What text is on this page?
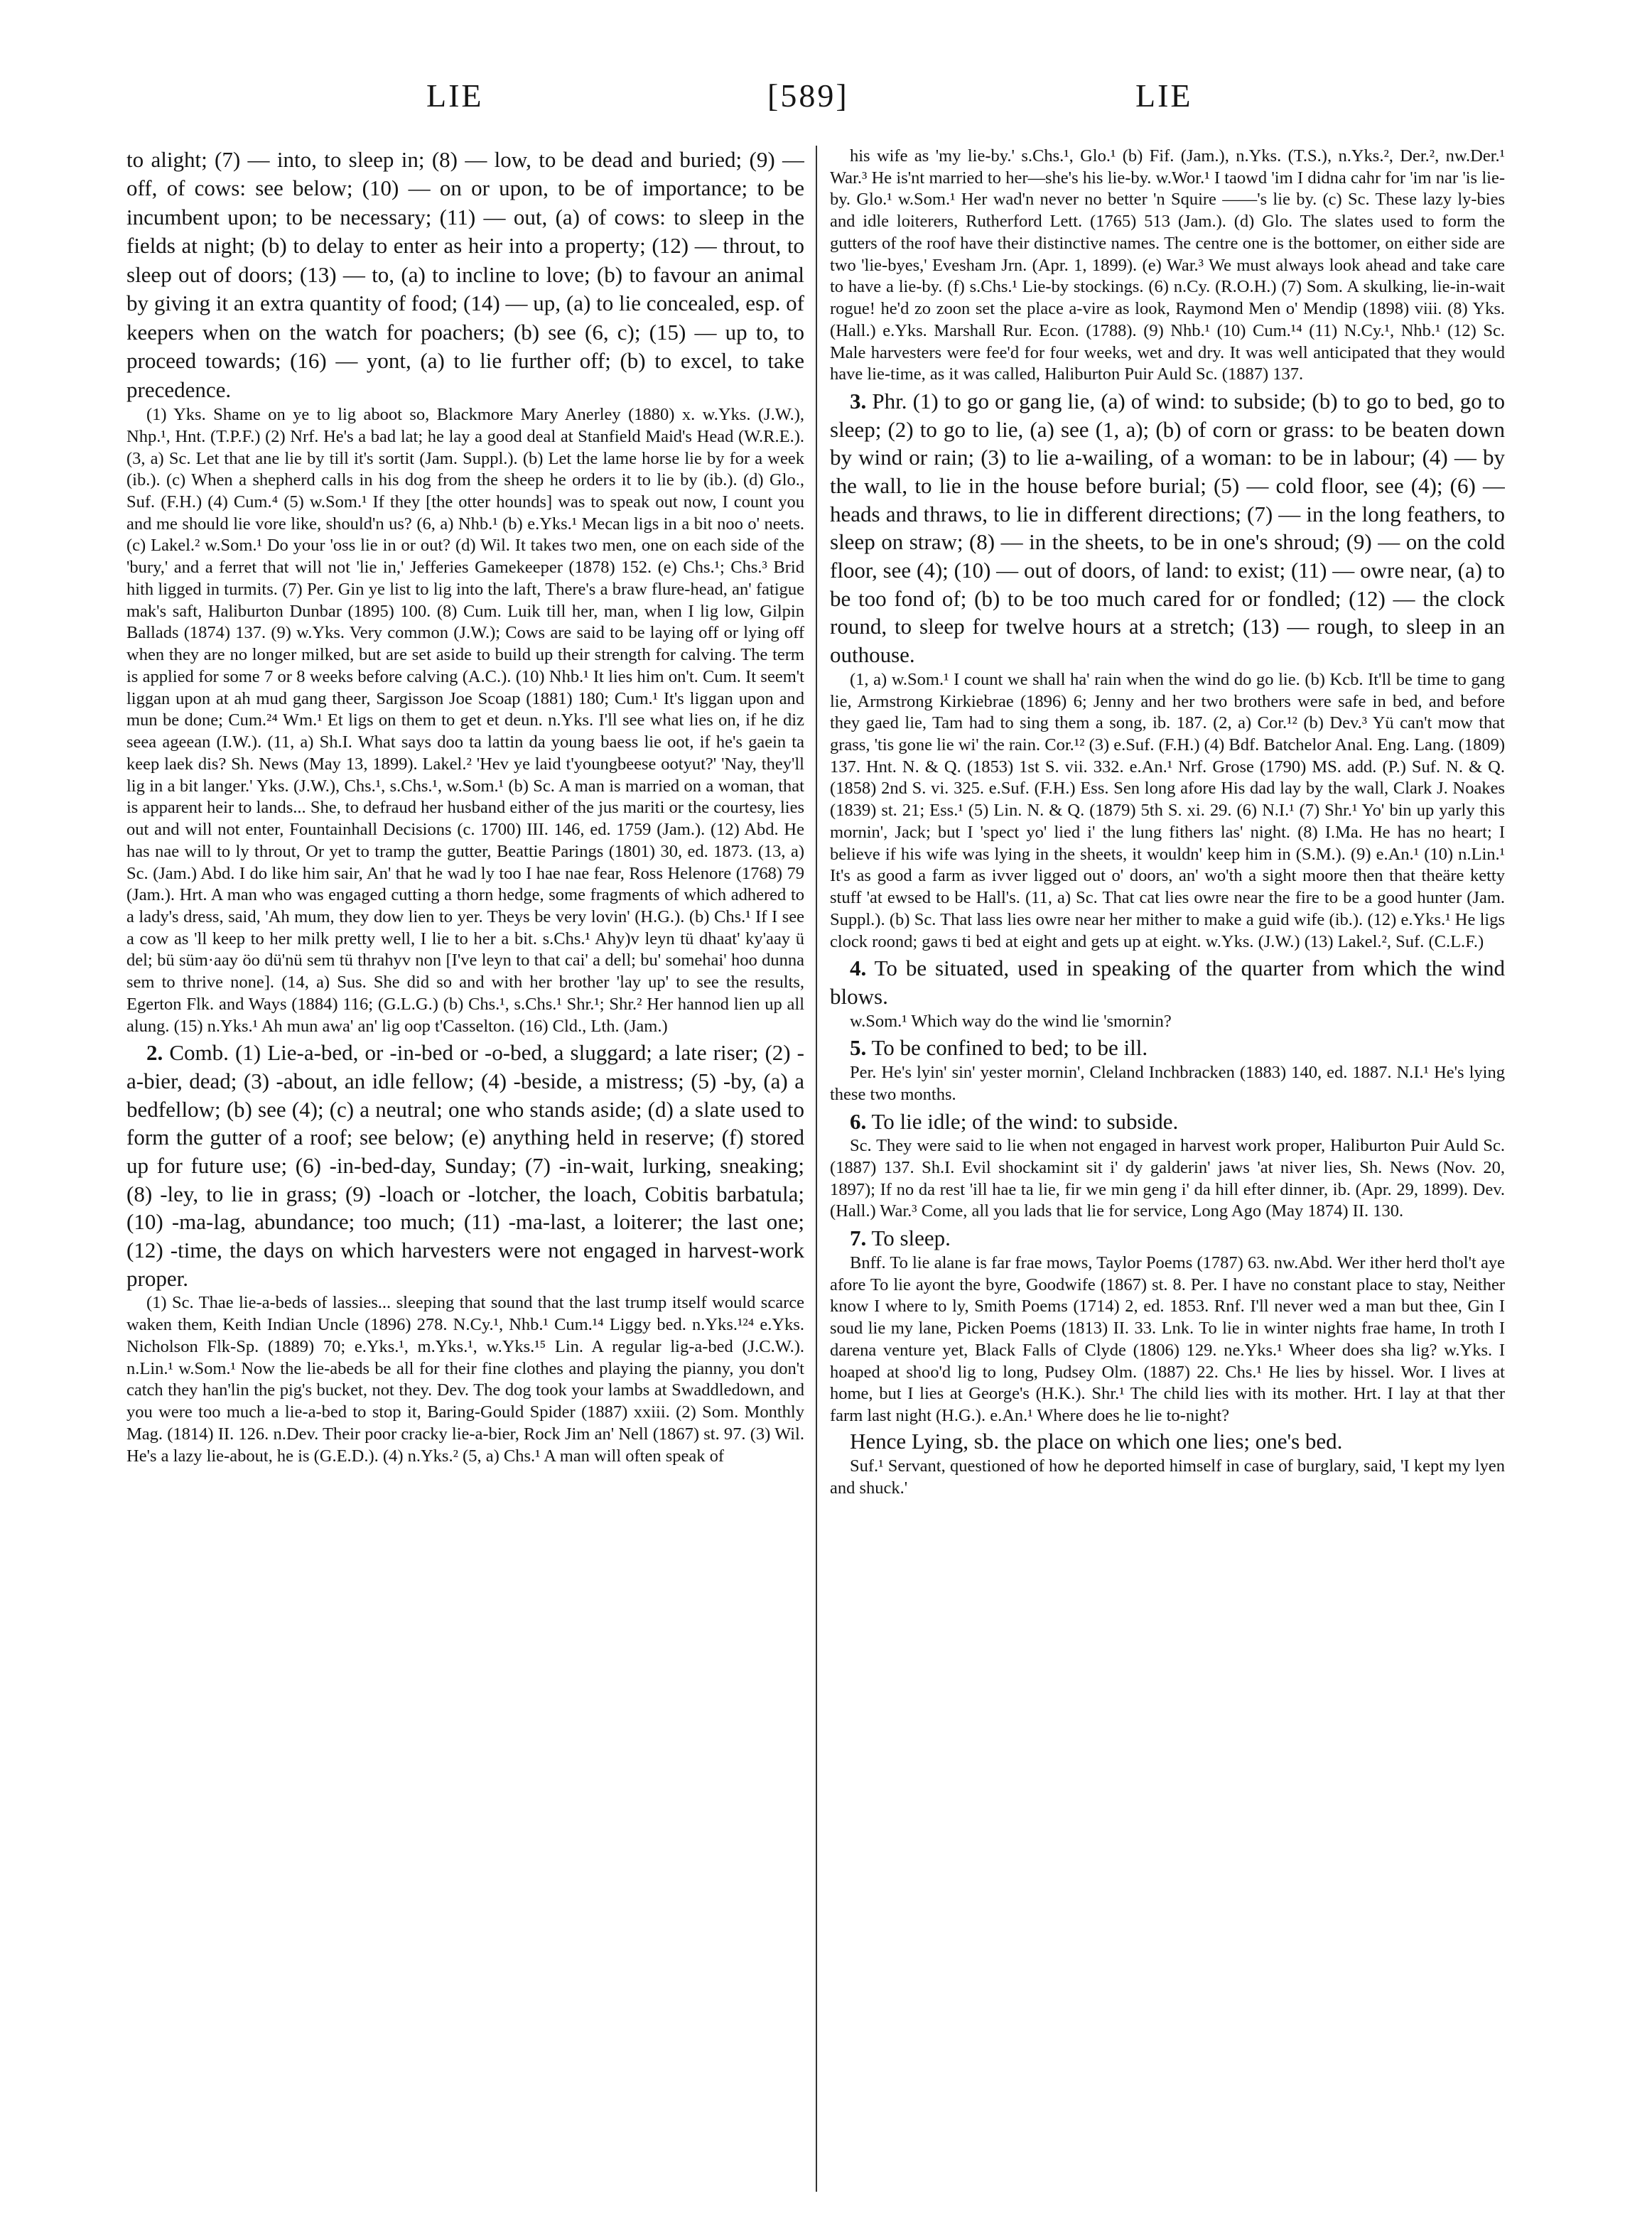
LIE	[589]	LIE

to alight; (7) — into, to sleep in; (8) — low, to be dead and buried; (9) — off, of cows: see below; (10) — on or upon, to be of importance; to be incumbent upon; to be necessary; (11) — out, (a) of cows: to sleep in the fields at night; (b) to delay to enter as heir into a property; (12) — throut, to sleep out of doors; (13) — to, (a) to incline to love; (b) to favour an animal by giving it an extra quantity of food; (14) — up, (a) to lie concealed, esp. of keepers when on the watch for poachers; (b) see (6, c); (15) — up to, to proceed towards; (16) — yont, (a) to lie further off; (b) to excel, to take precedence.

(1) Yks. Shame on ye to lig aboot so, Blackmore Mary Anerley (1880) x. w.Yks. (J.W.), Nhp.¹, Hnt. (T.P.F.) (2) Nrf. He's a bad lat; he lay a good deal at Stanfield Maid's Head (W.R.E.). (3, a) Sc. Let that ane lie by till it's sortit (Jam. Suppl.). (b) Let the lame horse lie by for a week (ib.). (c) When a shepherd calls in his dog from the sheep he orders it to lie by (ib.). (d) Glo., Suf. (F.H.) (4) Cum.⁴ (5) w.Som.¹ If they [the otter hounds] was to speak out now, I count you and me should lie vore like, should'n us? (6, a) Nhb.¹ (b) e.Yks.¹ Mecan ligs in a bit noo o' neets. (c) Lakel.² w.Som.¹ Do your 'oss lie in or out? (d) Wil. It takes two men, one on each side of the 'bury,' and a ferret that will not 'lie in,' Jefferies Gamekeeper (1878) 152. (e) Chs.¹; Chs.³ Brid hith ligged in turmits. (7) Per. Gin ye list to lig into the laft, There's a braw flure-head, an' fatigue mak's saft, Haliburton Dunbar (1895) 100. (8) Cum. Luik till her, man, when I lig low, Gilpin Ballads (1874) 137. (9) w.Yks. Very common (J.W.); Cows are said to be laying off or lying off when they are no longer milked, but are set aside to build up their strength for calving. The term is applied for some 7 or 8 weeks before calving (A.C.). (10) Nhb.¹ It lies him on't. Cum. It seem't liggan upon at ah mud gang theer, Sargisson Joe Scoap (1881) 180; Cum.¹ It's liggan upon and mun be done; Cum.²⁴ Wm.¹ Et ligs on them to get et deun. n.Yks. I'll see what lies on, if he diz seea ageean (I.W.). (11, a) Sh.I. What says doo ta lattin da young baess lie oot, if he's gaein ta keep laek dis? Sh. News (May 13, 1899). Lakel.² 'Hev ye laid t'youngbeese ootyut?' 'Nay, they'll lig in a bit langer.' Yks. (J.W.), Chs.¹, s.Chs.¹, w.Som.¹ (b) Sc. A man is married on a woman, that is apparent heir to lands... She, to defraud her husband either of the jus mariti or the courtesy, lies out and will not enter, Fountainhall Decisions (c. 1700) III. 146, ed. 1759 (Jam.). (12) Abd. He has nae will to ly throut, Or yet to tramp the gutter, Beattie Parings (1801) 30, ed. 1873. (13, a) Sc. (Jam.) Abd. I do like him sair, An' that he wad ly too I hae nae fear, Ross Helenore (1768) 79 (Jam.). Hrt. A man who was engaged cutting a thorn hedge, some fragments of which adhered to a lady's dress, said, 'Ah mum, they dow lien to yer. Theys be very lovin' (H.G.). (b) Chs.¹ If I see a cow as 'll keep to her milk pretty well, I lie to her a bit. s.Chs.¹ Ahy)v leyn tü dhaat' ky'aay ü del; bü süm·aay öo dü'nü sem tü thrahyv non [I've leyn to that cai' a dell; bu' somehai' hoo dunna sem to thrive none]. (14, a) Sus. She did so and with her brother 'lay up' to see the results, Egerton Flk. and Ways (1884) 116; (G.L.G.) (b) Chs.¹, s.Chs.¹ Shr.¹; Shr.² Her hannod lien up all alung. (15) n.Yks.¹ Ah mun awa' an' lig oop t'Casselton. (16) Cld., Lth. (Jam.)

2. Comb. (1) Lie-a-bed, or -in-bed or -o-bed, a sluggard; a late riser; (2) -a-bier, dead; (3) -about, an idle fellow; (4) -beside, a mistress; (5) -by, (a) a bedfellow; (b) see (4); (c) a neutral; one who stands aside; (d) a slate used to form the gutter of a roof; see below; (e) anything held in reserve; (f) stored up for future use; (6) -in-bed-day, Sunday; (7) -in-wait, lurking, sneaking; (8) -ley, to lie in grass; (9) -loach or -lotcher, the loach, Cobitis barbatula; (10) -ma-lag, abundance; too much; (11) -ma-last, a loiterer; the last one; (12) -time, the days on which harvesters were not engaged in harvest-work proper.

(1) Sc. Thae lie-a-beds of lassies... sleeping that sound that the last trump itself would scarce waken them, Keith Indian Uncle (1896) 278. N.Cy.¹, Nhb.¹ Cum.¹⁴ Liggy bed. n.Yks.¹²⁴ e.Yks. Nicholson Flk-Sp. (1889) 70; e.Yks.¹, m.Yks.¹, w.Yks.¹⁵ Lin. A regular lig-a-bed (J.C.W.). n.Lin.¹ w.Som.¹ Now the lie-abeds be all for their fine clothes and playing the pianny, you don't catch they han'lin the pig's bucket, not they. Dev. The dog took your lambs at Swaddledown, and you were too much a lie-a-bed to stop it, Baring-Gould Spider (1887) xxiii. (2) Som. Monthly Mag. (1814) II. 126. n.Dev. Their poor cracky lie-a-bier, Rock Jim an' Nell (1867) st. 97. (3) Wil. He's a lazy lie-about, he is (G.E.D.). (4) n.Yks.² (5, a) Chs.¹ A man will often speak of

his wife as 'my lie-by.' s.Chs.¹, Glo.¹ (b) Fif. (Jam.), n.Yks. (T.S.), n.Yks.², Der.², nw.Der.¹ War.³ He is'nt married to her—she's his lie-by. w.Wor.¹ I taowd 'im I didna cahr for 'im nar 'is lie-by. Glo.¹ w.Som.¹ Her wad'n never no better 'n Squire ——'s lie by. (c) Sc. These lazy ly-bies and idle loiterers, Rutherford Lett. (1765) 513 (Jam.). (d) Glo. The slates used to form the gutters of the roof have their distinctive names. The centre one is the bottomer, on either side are two 'lie-byes,' Evesham Jrn. (Apr. 1, 1899). (e) War.³ We must always look ahead and take care to have a lie-by. (f) s.Chs.¹ Lie-by stockings. (6) n.Cy. (R.O.H.) (7) Som. A skulking, lie-in-wait rogue! he'd zo zoon set the place a-vire as look, Raymond Men o' Mendip (1898) viii. (8) Yks. (Hall.) e.Yks. Marshall Rur. Econ. (1788). (9) Nhb.¹ (10) Cum.¹⁴ (11) N.Cy.¹, Nhb.¹ (12) Sc. Male harvesters were fee'd for four weeks, wet and dry. It was well anticipated that they would have lie-time, as it was called, Haliburton Puir Auld Sc. (1887) 137.

3. Phr. (1) to go or gang lie, (a) of wind: to subside; (b) to go to bed, go to sleep; (2) to go to lie, (a) see (1, a); (b) of corn or grass: to be beaten down by wind or rain; (3) to lie a-wailing, of a woman: to be in labour; (4) — by the wall, to lie in the house before burial; (5) — cold floor, see (4); (6) — heads and thraws, to lie in different directions; (7) — in the long feathers, to sleep on straw; (8) — in the sheets, to be in one's shroud; (9) — on the cold floor, see (4); (10) — out of doors, of land: to exist; (11) — owre near, (a) to be too fond of; (b) to be too much cared for or fondled; (12) — the clock round, to sleep for twelve hours at a stretch; (13) — rough, to sleep in an outhouse.

(1, a) w.Som.¹ I count we shall ha' rain when the wind do go lie. (b) Kcb. It'll be time to gang lie, Armstrong Kirkiebrae (1896) 6; Jenny and her two brothers were safe in bed, and before they gaed lie, Tam had to sing them a song, ib. 187. (2, a) Cor.¹² (b) Dev.³ Yü can't mow that grass, 'tis gone lie wi' the rain. Cor.¹² (3) e.Suf. (F.H.) (4) Bdf. Batchelor Anal. Eng. Lang. (1809) 137. Hnt. N. & Q. (1853) 1st S. vii. 332. e.An.¹ Nrf. Grose (1790) MS. add. (P.) Suf. N. & Q. (1858) 2nd S. vi. 325. e.Suf. (F.H.) Ess. Sen long afore His dad lay by the wall, Clark J. Noakes (1839) st. 21; Ess.¹ (5) Lin. N. & Q. (1879) 5th S. xi. 29. (6) N.I.¹ (7) Shr.¹ Yo' bin up yarly this mornin', Jack; but I 'spect yo' lied i' the lung fithers las' night. (8) I.Ma. He has no heart; I believe if his wife was lying in the sheets, it wouldn' keep him in (S.M.). (9) e.An.¹ (10) n.Lin.¹ It's as good a farm as ivver ligged out o' doors, an' wo'th a sight moore then that theäre ketty stuff 'at ewsed to be Hall's. (11, a) Sc. That cat lies owre near the fire to be a good hunter (Jam. Suppl.). (b) Sc. That lass lies owre near her mither to make a guid wife (ib.). (12) e.Yks.¹ He ligs clock roond; gaws ti bed at eight and gets up at eight. w.Yks. (J.W.) (13) Lakel.², Suf. (C.L.F.)

4. To be situated, used in speaking of the quarter from which the wind blows.

w.Som.¹ Which way do the wind lie 'smornin?

5. To be confined to bed; to be ill.

Per. He's lyin' sin' yester mornin', Cleland Inchbracken (1883) 140, ed. 1887. N.I.¹ He's lying these two months.

6. To lie idle; of the wind: to subside.

Sc. They were said to lie when not engaged in harvest work proper, Haliburton Puir Auld Sc. (1887) 137. Sh.I. Evil shockamint sit i' dy galderin' jaws 'at niver lies, Sh. News (Nov. 20, 1897); If no da rest 'ill hae ta lie, fir we min geng i' da hill efter dinner, ib. (Apr. 29, 1899). Dev. (Hall.) War.³ Come, all you lads that lie for service, Long Ago (May 1874) II. 130.

7. To sleep.

Bnff. To lie alane is far frae mows, Taylor Poems (1787) 63. nw.Abd. Wer ither herd thol't aye afore To lie ayont the byre, Goodwife (1867) st. 8. Per. I have no constant place to stay, Neither know I where to ly, Smith Poems (1714) 2, ed. 1853. Rnf. I'll never wed a man but thee, Gin I soud lie my lane, Picken Poems (1813) II. 33. Lnk. To lie in winter nights frae hame, In troth I darena venture yet, Black Falls of Clyde (1806) 129. ne.Yks.¹ Wheer does sha lig? w.Yks. I hoaped at shoo'd lig to long, Pudsey Olm. (1887) 22. Chs.¹ He lies by hissel. Wor. I lives at home, but I lies at George's (H.K.). Shr.¹ The child lies with its mother. Hrt. I lay at that ther farm last night (H.G.). e.An.¹ Where does he lie to-night?

Hence Lying, sb. the place on which one lies; one's bed.

Suf.¹ Servant, questioned of how he deported himself in case of burglary, said, 'I kept my lyen and shuck.'
